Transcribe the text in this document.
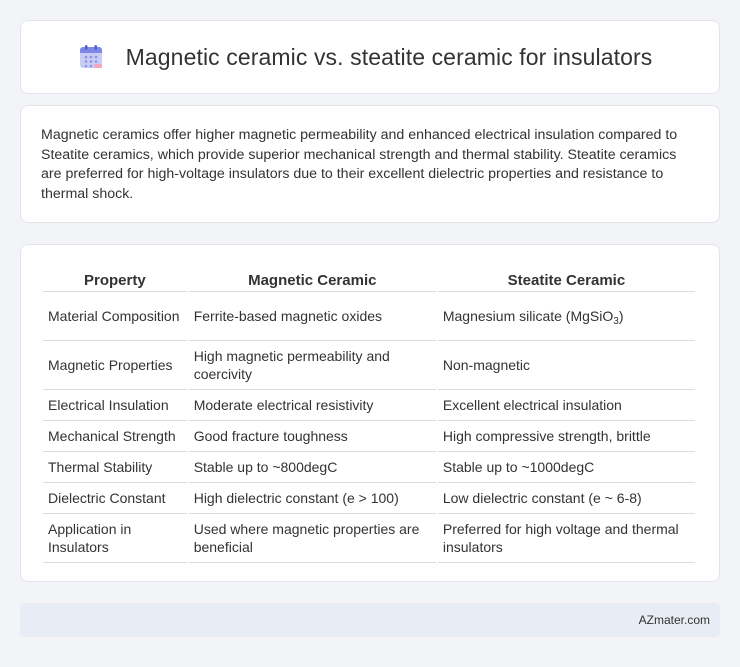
Magnetic ceramic vs. steatite ceramic for insulators

Magnetic ceramics offer higher magnetic permeability and enhanced electrical insulation compared to Steatite ceramics, which provide superior mechanical strength and thermal stability. Steatite ceramics are preferred for high-voltage insulators due to their excellent dielectric properties and resistance to thermal shock.

Property	Magnetic Ceramic	Steatite Ceramic
Material Composition	Ferrite-based magnetic oxides	Magnesium silicate (MgSiO$_3$)
Magnetic Properties	High magnetic permeability and coercivity	Non-magnetic
Electrical Insulation	Moderate electrical resistivity	Excellent electrical insulation
Mechanical Strength	Good fracture toughness	High compressive strength, brittle
Thermal Stability	Stable up to ~800degC	Stable up to ~1000degC
Dielectric Constant	High dielectric constant (e > 100)	Low dielectric constant (e ~ 6-8)
Application in Insulators	Used where magnetic properties are beneficial	Preferred for high voltage and thermal insulators
AZmater.com
